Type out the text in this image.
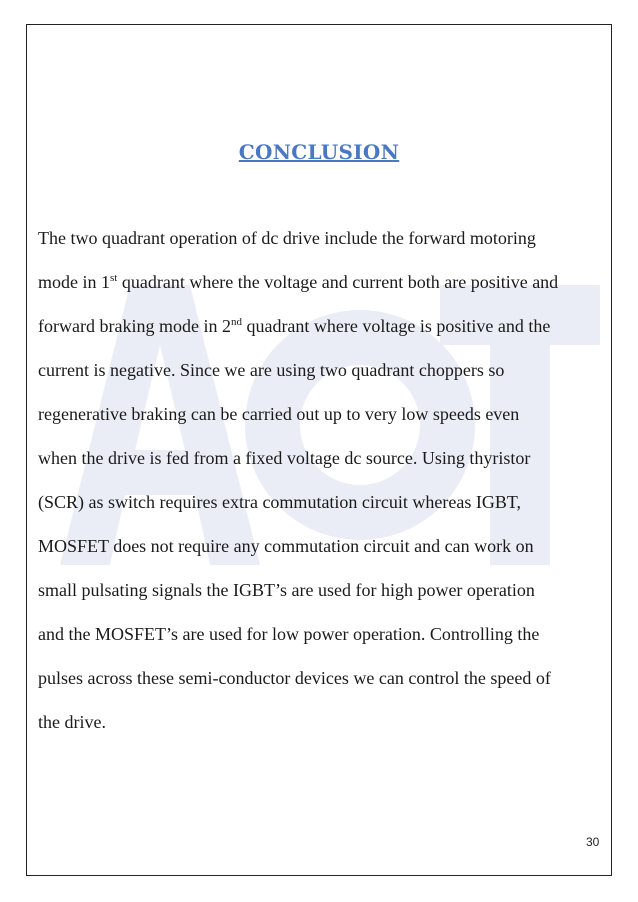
CONCLUSION
The two quadrant operation of dc drive include the forward motoring
mode in 1st quadrant where the voltage and current both are positive and
forward braking mode in 2nd quadrant where voltage is positive and the
current is negative. Since we are using two quadrant choppers so
regenerative braking can be carried out up to very low speeds even
when the drive is fed from a fixed voltage dc source. Using thyristor
(SCR) as switch requires extra commutation circuit whereas IGBT,
MOSFET does not require any commutation circuit and can work on
small pulsating signals the IGBT’s are used for high power operation
and the MOSFET’s are used for low power operation. Controlling the
pulses across these semi-conductor devices we can control the speed of
the drive.
30
